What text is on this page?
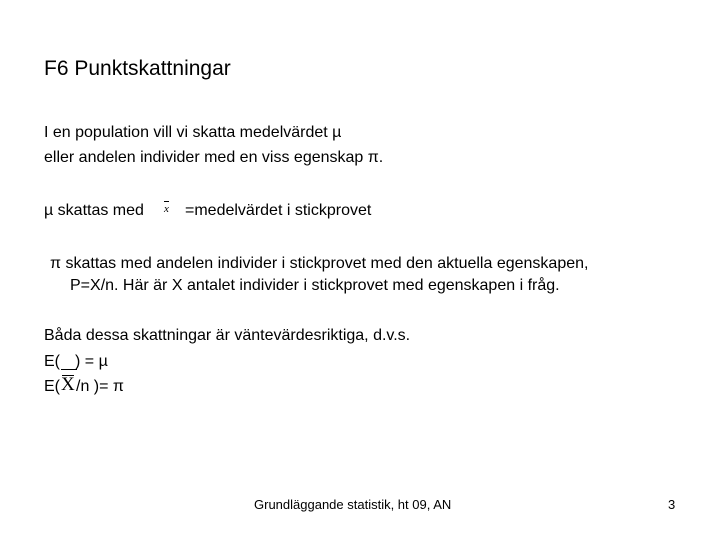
F6 Punktskattningar
I en population vill vi skatta medelvärdet µ
eller andelen individer med en viss egenskap π.
µ skattas med x =medelvärdet i stickprovet
π skattas med andelen individer i stickprovet med den aktuella egenskapen,
P=X/n. Här är X antalet individer i stickprovet med egenskapen i fråg.
Båda dessa skattningar är väntevärdesriktiga, d.v.s.
E( ) = µ
E( X /n )= π
Grundläggande statistik, ht 09, AN	3
